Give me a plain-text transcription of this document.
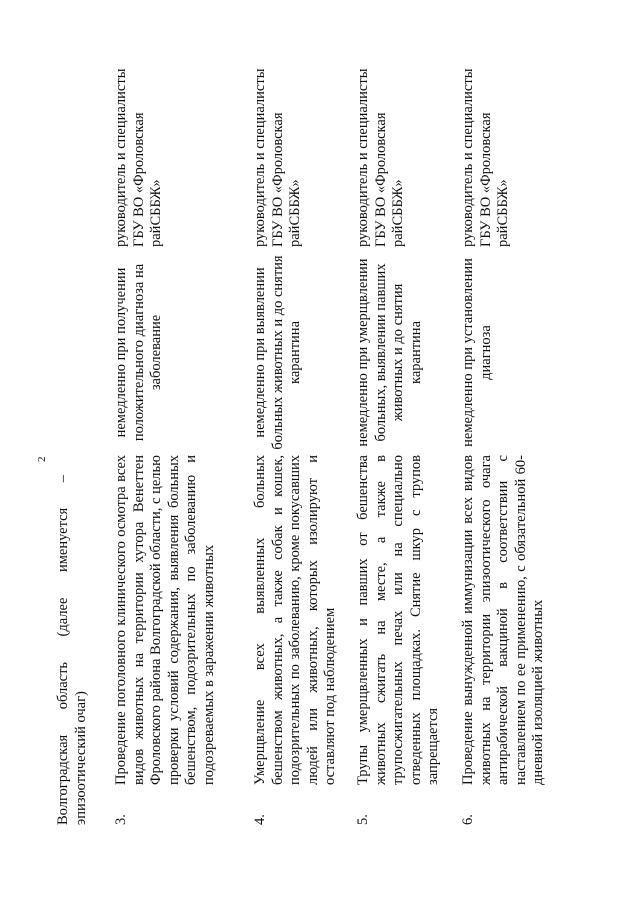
2
Волгоградская
область
(далее
именуется
–
эпизоотический очаг) 3.
Проведение поголовного клинического осмотра всех видов животных на территории хутора Венеттен Фроловского района Волгоградской области, с целью проверки условий содержания, выявления больных бешенством, подозрительных по заболеванию и подозреваемых в заражении животных
немедленно при получении положительного диагноза на заболевание
руководитель и специалисты ГБУ ВО «Фроловская райСББЖ»
4.
Умерщвление всех выявленных больных бешенством животных, а также собак и кошек, подозрительных по заболеванию, кроме покусавших людей или животных, которых изолируют и оставляют под наблюдением
немедленно при выявлении больных животных и до снятия карантина
руководитель и специалисты ГБУ ВО «Фроловская райСББЖ»
5.
Трупы умерщвленных и павших от бешенства животных сжигать на месте, а также в трупосжигательных печах или на специально отведенных площадках. Снятие шкур с трупов запрещается
немедленно при умерщвлении больных, выявлении павших животных и до снятия карантина
руководитель и специалисты ГБУ ВО «Фроловская райСББЖ»
6.
Проведение вынужденной иммунизации всех видов животных на территории эпизоотического очага антирабической вакциной в соответствии с наставлением по ее применению, с обязательной 60-дневной изоляцией животных
немедленно при установлении диагноза
руководитель и специалисты ГБУ ВО «Фроловская райСББЖ»
